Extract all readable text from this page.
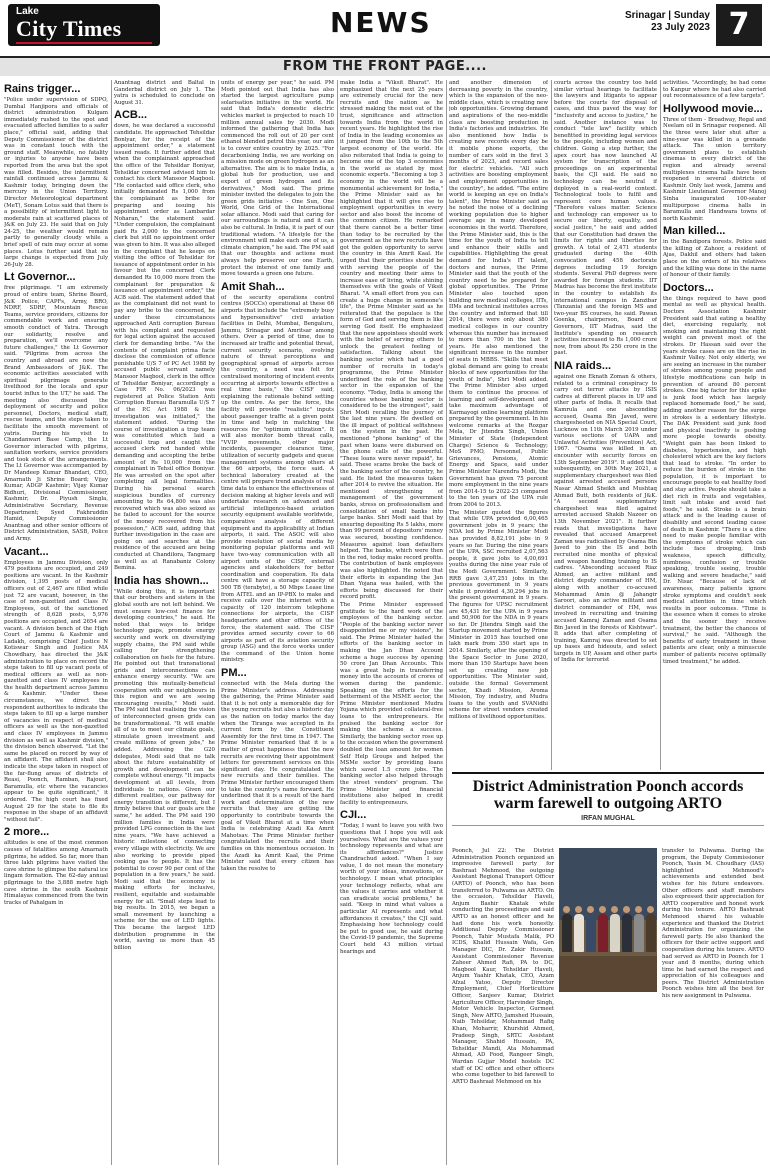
Lake
City Times	NEWS	Srinagar | Sunday
23 July 2023 7
FROM THE FRONT PAGE....
Rains trigger...

"Police under supervision of SDPO, Dumhal Hanjipora and officials of district administration Kulgam immediately rushed to the spot and evacuated affected families to a safer place," official said, adding that Deputy Commissioner of the district was in constant touch with the ground staff. Meanwhile, no fatality or injuries to anyone have been reported from the area but the spot was filled. Besides, the intermittent rainfall continued across Jammu & Kashmir today, bringing down the mercury in the Union Territory. Director Meteorological department (MeT), Sonam Lotus said that there is a possibility of intermittent light to moderate rain at scattered places of J&K on July 23. He said that on July 24-25, the weather would remain partly to generally cloudy while a brief spell of rain may occur at some places. Lotus further said that no large change is expected from July 26-July 28.

Lt Governor...

free pilgrimage. "I am extremely proud of entire team, Shrine Board, J&K Police, CAPFs, Army, BRO, NDRF, SDRF, Mountain Rescue Teams, service providers, citizens for commendable work and ensuring smooth conduct of Yatra. Through our solidarity, resolve and preparation, we'll overcome any future challenges," the Lt Governor said. "Pilgrims from across the country and abroad are now the Brand Ambassadors of J&K. The economic activities associated with spiritual pilgrimage generate livelihood for the locals and spur tourist influx to the UT," he said. The meeting also discussed the deployment of security and police personnel, Doctors, medical staff, rescue teams, and the steps taken to facilitate the smooth movement of yatris. During his visit to Chandanwari Base Camp, the Lt Governor interacted with pilgrims, sanitation workers, service providers and took stock of the arrangements. The Lt Governor was accompanied by Dr Mandeep Kumar Bhandari, CEO, Amarnath Ji Shrine Board; Vijay Kumar, ADGP Kashmir; Vijay Kumar Bidhuri, Divisional Commissioner, Kashmir; Dr. Piyush Singla, Administrative Secretary, Revenue Department; Syed Fakhruddin Hamid, Deputy Commissioner Anantnag and other senior officers of District Administration, SASB, Police and Army.

Vacant...

Employees in Jammu Division, only 479 positions are occupied, and 249 positions are vacant. In the Kashmir division, 1,395 posts of medical officers out of 2,467 are filled while just 72 are vacant, however, in the case of non-gazetted and Class IV Employees, out of the sanctioned strength of 8,628 posts, 5,976 positions are occupied, and 2654 are vacant. A division bench of the High Court of Jammu & Kashmir and Ladakh, comprising Chief Justice N Kotiswar Singh and Justice MA Chowdhary, has directed the J&K administration to place on record the steps taken to fill up vacant posts of medical officers as well as non-gazetted and class IV employees in the health department across Jammu & Kashmir. "Under these circumstances, we direct the respondent authorities to indicate the steps taken to fill up a large number of vacancies in respect of medical officers as well as the non-gazetted and class IV employees in Jammu division as well as Kashmir division," the division bench observed. "Let the same be placed on record by way of an affidavit. The affidavit shall also indicate the steps taken in respect of the far-flung areas of districts of Reasi, Poonch, Ramban, Rajouri, Baramulla, etc where the vacancies appear to be quite significant," it ordered. The high court has fixed August 29 for the state to file its response in the shape of an affidavit "without fail".

2 more...

altitudes is one of the most common causes of fatalities among Amarnath pilgrims, he added. So far, more than three lakh pilgrims have visited the cave shrine to glimpse the natural ice lingam formation. The 62-day annual pilgrimage to the 3,888 metre high cave shrine in the south Kashmir Himalayas commenced from the twin tracks of Pahalgam in

Anantnag district and Baltal in Ganderbal district on July 1. The yatra is scheduled to conclude on August 31.

ACB...

down, he was declared a successful candidate. He approached Tehsildar Bonlyar, for the receipt of the appointment order," a statement issued reads. It further added that when the complainant approached the office of the Tehsildar Boniyar, Tehsildar concerned advised him to contact his clerk Mansoor Maqbool. "He contacted said office clerk, who initially demanded Rs 1,000 from the complainant as bribe for preparing and issuing his appointment order as Lambardar Noharan," the statement said. "Under compulsion, the complainant paid Rs 2,000 to the concerned clerk but still no appointment order was given to him. It was also alleged in the complaint that he keeps on visiting the office of Tehsildar for issuance of appointment order in his favour but the concerned Clerk demanded Rs 10,000 more from the complainant for preparation & issuance of appointment order," the ACB said. The statement added that as the complainant did not want to pay any bribe to the concerned, he under these circumstances approached Anti corruption Bureau with his complaint and requested for legal action against the accused clerk for demanding bribe. "As the contents of complaint prima facie disclose the commission of offence punishable U/S 7 of PC Act 1988 by accused public servant namely Mansoor Maqbool, clerk in the office of Tehsildar Boniyar, accordingly a Case FIR No. 06/2023 was registered at Police Station Anti Corruption Bureau Baramulla U/S 7 of the P.C Act 1988 & the investigation was initiated," the statement added. "During the course of investigation a trap team was constituted which laid a successful trap and caught the accused clerk red handed while demanding and accepting the bribe amount of Rs 10,000 from the complainant in Tehsil office Boniyar. He was arrested on the spot after completing all legal formalities. During his personal search suspicious bundles of currency amounting to Rs 64,800 was also recovered which was also seized as he failed to account for the source of the money recovered from his possession," ACB said, adding that further investigation in the case are going on and searches at the residence of the accused are being conducted at Chandilora, Tangmarg as well as at Ranabaniz Colony Bemina.

India has shown...

"While doing this, it is important that our brothers and sisters in the global south are not left behind. We must ensure low-cost finance for developing countries," he said. He noted that ways to bridge technology gaps, promote energy security and work on diversifying supply chains, the PM said while calling for strengthening collaboration on fuels for the future. He pointed out that transnational grids and interconnections can enhance energy security. "We are promoting this mutually-beneficial cooperation with our neighbours in this region and we are seeing encouraging results," Modi said. The PM said that realising the vision of interconnected green grids can be transformational. "It will enable all of us to meet our climate goals, stimulate green investment and create millions of green jobs," he added. Addressing the G20 delegates, Modi said that no talk about the future sustainability of growth and development can be complete without energy. "It impacts development at all levels, from individuals to nations. Given our different realities, our pathway for energy transition is different, but I firmly believe that our goals are the same," he added. The PM said 190 million families in India were provided LPG connection in the last nine years. "We have achieved a historic milestone of connecting every village with electricity. We are also working to provide piped cooking gas to people. It has the potential to cover 90 per cent of the population in a few years," he said. Modi said that the economy is making efforts for inclusive, resilient, equitable and sustainable energy for all. "Small steps lead to big results. In 2015, we began a small movement by launching a scheme for the use of LED lights. This became the largest LED distribution programme in the world, saving us more than 45 billion

units of energy per year," he said. PM Modi pointed out that India has also started the largest agriculture pump solarisation initiative in the world. He said that India's domestic electric vehicles market is projected to reach 10 million annual sales by 2030. Modi informed the gathering that India has commenced the roll out of 20 per cent ethanol blended petrol this year, our aim is to cover entire country by 2025. "For decarbonising India, we are working on a mission mode on green hydrogen as an alternative. The aim is to make India, a global hub for production, use and export of green hydrogen and its derivatives," Modi said. The prime minister invited the delegates to join the green grids initiative - One Sun, One World, One Grid of the International solar alliance. Modi said that caring for our surroundings is natural and it can also be cultural. In India, it is part of our traditional wisdom. "A lifestyle for the environment will make each one of us, a climate champion," he said. The PM said that our thoughts and actions must always help preserve our one Earth, protect the interest of one family and move towards a green one future.

Amit Shah...

of the security operations control centres (SOCCs) operational at these 66 airports that include the "extremely busy and hypersensitive" civil aviation facilities in Delhi, Mumbai, Bengaluru, Jammu, Srinagar and Amritsar among others. Over a period of time, due to increased air traffic and potential threat, current security scenario, evolving nature of threat perceptions and geographical spread of airports across the country, a need was felt for centralised monitoring of incident events occurring at airports towards effective a real time basis," the CISF said, explaining the rationale behind setting up the centre. As per the force, the facility will provide "realistic" inputs about passenger traffic at a given point in time and help in matching the resources for "optimum utilization". It will also monitor bomb threat calls, "VVIP movements, other major incidents, passenger clearance time, utilization of security gadgets and queue management systems among others at the 66 airports, the force said. A technical laboratory created at the centre will prepare trend analysis of real time data to enhance the effectiveness of decision making at higher levels and will undertake research on advanced and artificial intelligence-based aviation security equipment available worldwide, comparative analysis of different equipment and its applicability at Indian airports, it said. The ASOC will also provide resolution of social media by monitoring popular platforms and will have two-way communication with all airport units of the CISF, external agencies and stakeholders for better coordination and cooperation. Its data centre will have a storage capacity of 500 TB (terabyte), a 50 Mbps Lease line from AITEL and an IP-PBX to make and receive calls over the internet with a capacity of 120 intercom telephone connections for airports, the CISF headquarters and other offices of the force, the statement said. The CISF provides armed security cover to 66 airports as part of its aviation security group (ASG) and the force works under the command of the Union home ministry.

PM...

connected with the Mela during the Prime Minister's address. Addressing the gathering, the Prime Minister said that it is not only a memorable day for the young recruits but also a historic day as the nation on today marks the day when the Tiranga was accepted in its current form by the Constituent Assembly for the first time in 1947. The Prime Minister remarked that it is a matter of great happiness that the new recruits are receiving their appointment letters for government services on this significant day. He congratulated the new recruits and their families. The Prime Minister further encouraged them to take the country's name forward. He underlined that it is a result of the hard work and determination of the new recruits that they are getting the opportunity to contribute towards the goal of Viksit Bharat at a time when India is celebrating Azadi Ka Amrit Mahotsav. The Prime Minister further congratulated the recruits and their families on this momentous occasion. In the Azadi ka Amrit Kaal, the Prime Minister said that every citizen has taken the resolve to

make India a "Viksit Bharat". He emphasized that the next 25 years are extremely crucial for the new recruits and the nation as he stressed making the most out of the trust, significance and attraction towards India from the world in recent years. He highlighted the rise of India in the leading economies as it jumped from the 10th to the 5th largest economy of the world. He also reiterated that India is going to become one of the top 3 economies in the world as stated by most economic experts. "Becoming a top 3 economy in the world will be a monumental achievement for India," the Prime Minister said as he highlighted that it will give rise to employment opportunities in every sector and also boost the income of the common citizen. He remarked that there cannot be a better time than today to be recruited by the government as the new recruits have got the golden opportunity to serve the country in this Amrit Kaal. He urged that their priorities should be with serving the people of the country and meeting their aims to increase ease of living, while shining themselves with the goals of Viksit Bharat. "A small effort from you can create a huge change in someone's life", the Prime Minister said as he reiterated that the populace is the form of God and serving them is like serving God itself. He emphasized that the new appointees should work with the belief of serving others to unlock the greatest feeling of satisfaction. Talking about the banking sector which had a good number of recruits in today's programme, the Prime Minister underlined the role of the banking sector in the expansion of the economy. "Today, India is among the countries whose banking sector is considered to be the strongest", said Shri Modi recalling the journey of the last nine years. He dwelled on the ill impact of political selfishness on the system in the past. He mentioned "phone banking" of the past when loans were disbursed on the phone calls of the powerful. "These loans were never repaid", he said. These scams broke the back of the banking sector of the country, he said. He listed the measures taken after 2014 to revive the situation. He mentioned strengthening of management of the government banks, stress on professionalism and consolidation of small banks into large banks. Shri Modi said that by ensuring depositing Rs 5 lakhs, more than 99 percent of depositors' money was secured, boosting confidence. Measures against loan defaulters helped. The banks, which were then in the red, today make record profits. The contribution of bank employees was also highlighted. He noted that their efforts in expanding the Jan Dhan Yojana was hailed, with the efforts being discussed for their record profit.

The Prime Minister expressed gratitude to the hard work of the employees of the banking sector. "People of the banking sector never disappointed me or my visions", he said. The Prime Minister hailed the efforts of the banking sector in making the Jan Dhan Account scheme a huge success by opening 50 crore Jan Dhan Accounts. This was a great help in transferring money into the accounts of crores of women during the pandemic. Speaking on the efforts for the betterment of the MSME sector, the Prime Minister mentioned Mudra Yojana which provided collateral-free loans to the entrepreneurs. He praised the banking sector for making the scheme a success. Similarly, the banking sector rose up to the occasion when the government doubled the loan amount for women Self Help Groups and helped the MSMe sector by providing loans which saved 1.5 crore jobs. The banking sector also helped through the street vendors' program. The Prime Minister and financial institutions also helped in credit facility to entrepreneurs.

CJI...

"Today, I want to leave you with two questions that I hope you will ask yourselves. What are the values your technology represents and what are its affordances?" Justice Chandrachud asked. "When I say value, I do not mean the monetary worth of your ideas, innovations, or technology. I mean what principles your technology reflects, what are the values it carries and whether it can eradicate social problems," he said. "Keep in mind what values a particular AI represents and what affordances it creates," the CJI said. Emphasising how technology could be put to good use, he said during the Covid-19 pandemic, the Supreme Court held 43 million virtual hearings and

and another dimension of decreasing poverty in the country, which is the expansion of the neo-middle class, which is creating new job opportunities. Growing demand and aspirations of the neo-middle class are boosting production in India's factories and industries. He also mentioned how India is creating new records every day be it mobile phone exports, the number of cars sold in the first 3 months of 2023, and record sales for electric vehicles. "All such activities are boosting employment and employment opportunities in the country", he added. "The entire world is keeping an eye on India's talent", the Prime Minister said as he noted the noise of a declining working population due to higher average age in many developed economies in the world. Therefore, the Prime Minister said, this is the time for the youth of India to tell and enhance their skills and capabilities. Highlighting the great demand for India's IT talent, doctors and nurses, the Prime Minister said that the youth of the country need to be prepared for global opportunities. The Prime Minister also touched upon building new medical colleges, IITs, IIMs and technical institutes across the country and informed that till 2014, there were only about 380 medical colleges in our country whereas this number has increased to more than 700 in the last 9 years. He also mentioned the significant increase in the number of seats in MBBS. "Skills that meet global demand are going to create blocks of new opportunities for the youth of India", Shri Modi added. The Prime Minister also urged them to continue the process of learning and self-development and take maximum advantage of Karmayogi online learning platform prepared by the government. In his welcome remarks at the Rozgar Mela, Dr Jitendra Singh, Union Minister of State (Independent Charge) Science & Technology; MoS PMO, Personnel, Public Grievances, Pensions, Atomic Energy and Space, said under Prime Minister Narendra Modi, the Government has given 75 percent more employment in the nine years from 2014-15 to 2022-23 compared to the ten years of the UPA rule from 2004 to 2013.

The Minister quoted the figures that while UPA provided 6,00,465 government jobs in 9 years; the NDA led by Prime Minister Modi has provided 8,82,191 jobs in 9 years so far. During the nine years of the UPA, SSC recruited 2,07,563 people, it gave jobs to 4,00,691 youths during the nine year rule of the Modi Government. Similarly, RRB gave 3,47,251 jobs in the previous government in 9 years while it provided 4,30,294 jobs in the present government in 9 years. The figures for UPSC recruitment are 45,431 for the UPA in 9 years and 50,906 for the NDA in 9 years so far. Dr Jitendra Singh said the Startup movement started by Prime Minister in 2015 has touched one lakh mark from 350 start ups in 2014. Similarly, after the opening of the Space Sector in June 2020, more than 150 Startups have been set up creating new job opportunities. The Minister said, outside the formal Government sector, Khadi Mission, Aroma Mission, Toy industry, and Mudra loans to the youth and SVANidhi scheme for street vendors created millions of livelihood opportunities.

courts across the country too held similar virtual hearings to facilitate the lawyers and litigants to appear before the courts for disposal of cases, and thus paved the way for "inclusivity and access to justice," he said. Another instance was to conduct "tele law" facility which benefitted in providing legal services to the people, including women and children. Going a step further, the apex court has now launched AI system for transcription of the proceedings on an experimental basis, the CJI said. He said no technology can be neutral if deployed in a real-world context. Technological tools to fulfil and represent core human values. "Therefore values matter. Science and technology can empower us to secure our liberty, equality, and social justice," he said and added that our Constitution had drawn the limits for rights and liberties for growth. A total of 2,471 students graduated during the 40th convocation and 458 doctorate degrees including 19 foreign students. Several PhD degrees were awarded for foreign students. IIT Madras has become the first institute in the country to establish its international campus in Zanzibar (Tanzania) and the foreign MS and two-year BS courses, he said. Pawan Goenka, chairperson, Board of Governors, IIT Madras, said the Institute's spending on research activities increased to Rs 1,000 crore now, from about Rs 250 crore in the past.

NIA raids...

against one Eknath Zoman & others, related to a criminal conspiracy to carry out terror attacks by ISIS cadres at different places in UP and other parts of India. It recalls that Kamrula and one absconding accused, Osama Bin Javed, were chargesheeted on NIA Special Court, Lucknow on 11th March 2019 under various sections of UAPA and Unlawful Activities (Prevention) Act, 1967. "Osama was killed in an encounter with security forces on 13th September 2019". It added that subsequently, on 30th May 2021, a supplementary chargesheet was filed against arrested accused persons Nasar Ahmad Sheikh and Mushtaq Ahmad Butt, both residents of J&K. "A second supplementary chargesheet was filed against arrested accused Shakib Nazeer on 13th November 2021". It further reads that investigations have revealed that accused Amarpreet Zaman was radicalised by Osama Bin Javed to join the IS and both recruited nine months of physical and weapon handling training to IS cadres. "Absconding accused Riaz Ahmed, an active militant and district deputy commander of HM, along with another co-accused Mohammad Amin @ Jahangir Saroori, also an active militant and district commander of HM, was involved in recruiting and training accused Kamraj Zaman and Osama Bin Javed in the forests of Kishtwar". It adds that after completing of training, Kamraj was directed to set up bases and hideouts, and select targets in UP, Assam and other parts of India for terrorist

activities. "Accordingly, he had come to Kanpur where he had also carried out reconnaissance of a few targets".

Hollywood movie...

Three of them - Broadway, Regal and Neelam oil in Srinagar reopened. All the three were later shut after a nine-year was killed in a grenade attack. The union territory government plans to establish cinemas in every district of the region and already several multiplexes cinema halls have been reopened in several districts of Kashmir. Only last week, Jammu and Kashmir Lieutenant Governor Manoj Sinha inaugurated 100-seater multipurpose cinema halls in Baramulla and Handwara towns of north Kashmir.

Man killed...

in the Bandipora forests. Police said the killing of Zahoor, a resident of Ajas, Dakhil and others had taken place on the orders of his relatives and the killing was done in the name of honour of their family.

Doctors...

the things required to have good mental as well as physical health. Doctors Association Kashmir President said that eating a healthy diet, exercising regularly, not smoking and maintaining the right weight can prevent most of the strokes. Dr Hassan said over the years stroke cases are on the rise in Kashmir Valley. Not only elderly, we are seeing an increase in the number of strokes among young people and lifestyle modifications can help in prevention of around 80 percent strokes. One big factor for this spike is junk food which has largely replaced homemade food," he said, adding another reason for the surge in strokes is a sedentary lifestyle. The DAK President said junk food and physical inactivity is pushing more people towards obesity. "Weight gain has been linked to diabetes, hypertension, and high cholesterol which are the key factors that lead to stroke. "In order to reduce the burden of stroke in the population, it is important to encourage people to eat healthy food and stay active. People should take a diet rich in fruits and vegetables, limit salt intake and avoid fast foods," he said. Stroke is a brain attack and is the leading cause of disability and second leading cause of death in Kashmir. "There is a dire need to make people familiar with the symptoms of stroke which can include face drooping, limb weakness, speech difficulty, numbness, confusion or trouble speaking, trouble seeing, trouble walking and severe headache," said Dr. Nisar. "Because of lack of awareness, many patients ignore stroke symptoms and couldn't seek medical attention in time which results in poor outcomes. "Time is the essence when it comes to stroke and the sooner they receive treatment, the better the chances of survival," he said. "Although the benefits of early treatment in these patients are clear, only a minuscule number of patients receive optimally timed treatment," he added.

District Administration Poonch accords warm farewell to outgoing ARTO
IRFAN MUGHAL
Poonch, Jul 22: The District Administration Poonch organized an impressive farewell party for Bashraat Mehmood, the outgoing Assistant Regional Transport Officer (ARTO) of Poonch, who has been transferred to Pulwama as ARTO. On the occasion, Tehsildar Haveli, Anjum Bashir Khatak while conducting the proceedings and said ARTO as an honest officer and he had done his work honestly. Additional Deputy Commissioner Poonch, Tahir Mustafa Malik, PO ICDS, Khalid Hussain Wafa, Gen Manager DIC, Dr. Zakir Hussain, Assistant Commissioner Revenue Zaheer Ahmed Rafi, PA to DC, Maqbool Kaur, Tehsildar Haveli, Anjum Yaahir Khatak, CEO, Azam Afzal Yatoo, Deputy Director Employment, Chief Horticulture Officer, Sanjeev Kumar, District Agriculture Officer, Harvinder Singh, Motor Vehicle Inspector, Gurmeet Singh, New ARTO, Jamshed Hussain, Naib Tehsildar, Mohammad Rafiq Khan, Moharrir, Khurshid Ahmed, Pradeep Singh, SRTC Assistant Manager, Shahid Hussain, PA, Tehsildar Mandi, Ata Mohammad Ahmad, AD Food, Rangeer Singh, Wardan Gujjar Model hostels DC staff of DC office and other officers who come together to bid farewell to ARTO Bashraat Mehmood on his
transfer to Pulwama. During the program, the Deputy Commissioner Poonch, Yasin M. Choudhary (IAS) highlighted Mehmood's achievements and extended best wishes for his future endeavors. Other officers and staff members also expressed their appreciation for ARTO cooperative and honest work during his tenure. ARTO Bashraat Mehmood shared his valuable experience and thanked the District Administration for organizing the farewell party. He also thanked the officers for their active support and cooperation during his tenure. ARTO had served as ARTO in Poonch for 1 year and 8 months, during which time he had earned the respect and appreciation of his colleagues and peers. The District Administration Poonch wishes him all the best for his new assignment in Pulwama.
